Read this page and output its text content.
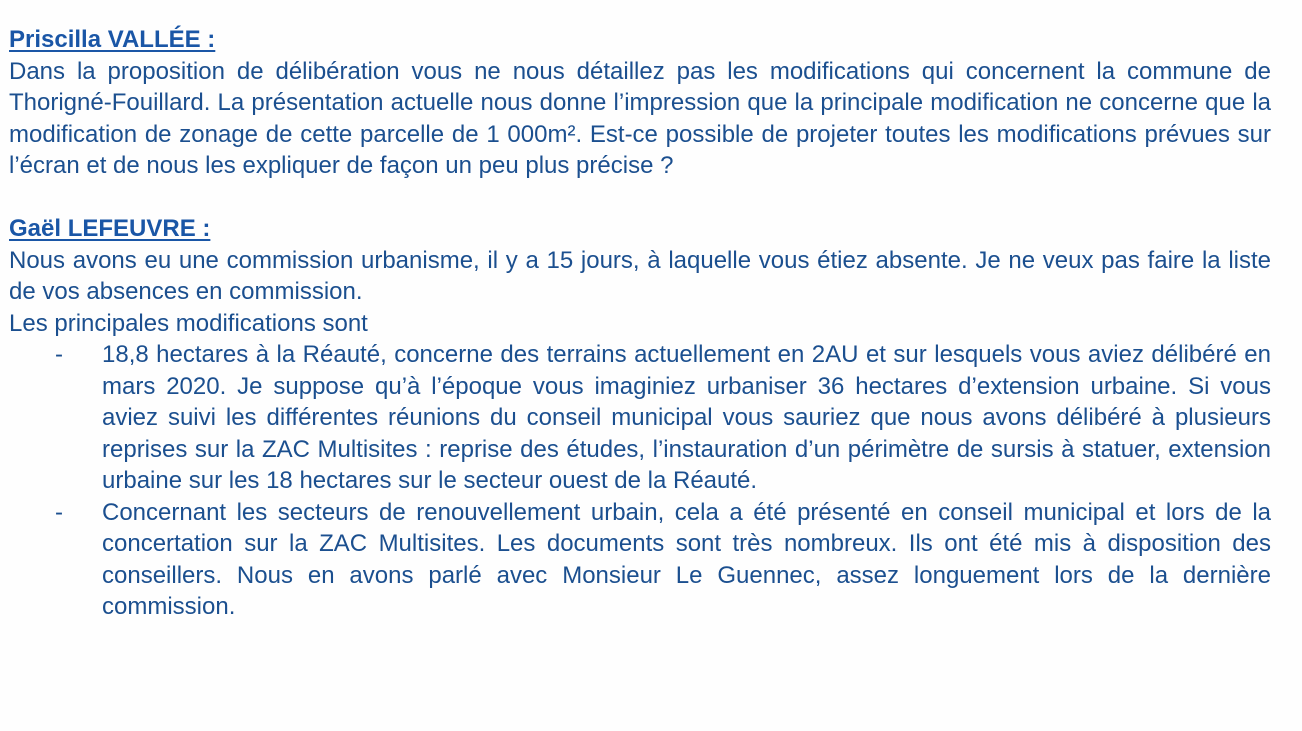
Priscilla VALLÉE :

Dans la proposition de délibération vous ne nous détaillez pas les modifications qui concernent la commune de Thorigné-Fouillard. La présentation actuelle nous donne l’impression que la principale modification ne concerne que la modification de zonage de cette parcelle de 1 000m². Est-ce possible de projeter toutes les modifications prévues sur l’écran et de nous les expliquer de façon un peu plus précise ?

Gaël LEFEUVRE :

Nous avons eu une commission urbanisme, il y a 15 jours, à laquelle vous étiez absente. Je ne veux pas faire la liste de vos absences en commission.

Les principales modifications sont

- 18,8 hectares à la Réauté, concerne des terrains actuellement en 2AU et sur lesquels vous aviez délibéré en mars 2020. Je suppose qu’à l’époque vous imaginiez urbaniser 36 hectares d’extension urbaine. Si vous aviez suivi les différentes réunions du conseil municipal vous sauriez que nous avons délibéré à plusieurs reprises sur la ZAC Multisites : reprise des études, l’instauration d’un périmètre de sursis à statuer, extension urbaine sur les 18 hectares sur le secteur ouest de la Réauté.
- Concernant les secteurs de renouvellement urbain, cela a été présenté en conseil municipal et lors de la concertation sur la ZAC Multisites. Les documents sont très nombreux. Ils ont été mis à disposition des conseillers. Nous en avons parlé avec Monsieur Le Guennec, assez longuement lors de la dernière commission.
